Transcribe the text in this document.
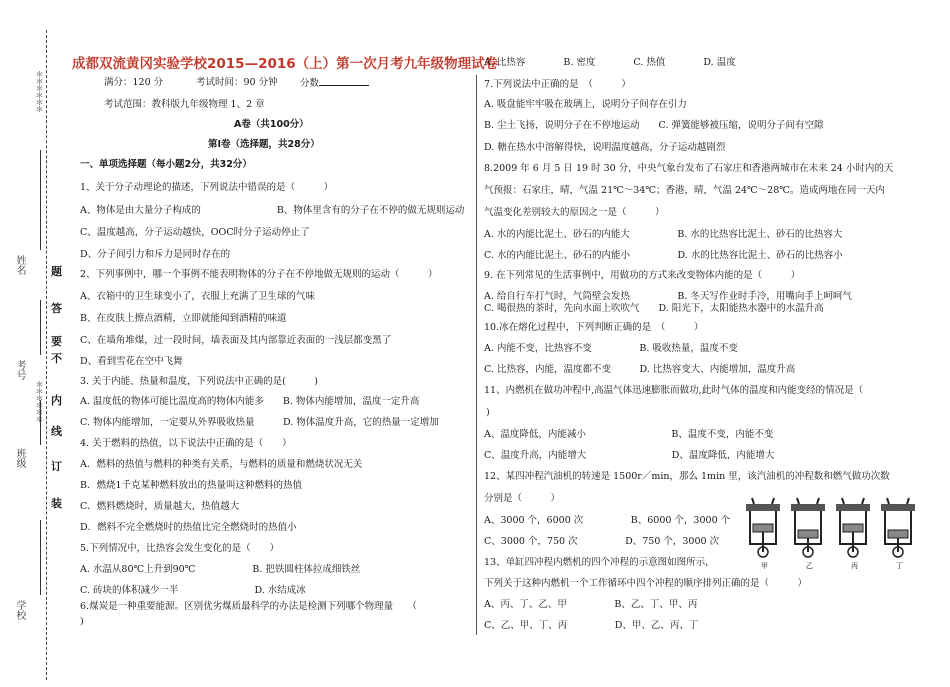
＊＊＊＊＊＊
＊＊＊＊＊＊
姓名
考号
班级
学校
题
答
要
不
内
线
订
装
成都双流黄冈实验学校2015—2016（上）第一次月考九年级物理试卷
满分：120 分	考试时间：90 分钟 分数
考试范围：教科版九年级物理 1、2 章
A卷（共100分）
第Ⅰ卷（选择题，共28分）
一、单项选择题（每小题2分，共32分）
1、关于分子动理论的描述，下列说法中错误的是（　　　）
A、物体是由大量分子构成的　　　　　　　　B、物体里含有的分子在不停的做无规则运动
C、温度越高，分子运动越快，OOC时分子运动停止了
D、分子间引力和斥力是同时存在的
2、下列事例中，哪一个事例不能表明物体的分子在不停地做无规则的运动（　　　）
A、衣箱中的卫生球变小了，衣服上充满了卫生球的气味
B、在皮肤上擦点酒精，立即就能闻到酒精的味道
C、在墙角堆煤，过一段时间，墙表面及其内部靠近表面的一浅层都变黑了
D、看到雪花在空中飞舞
3. 关于内能、热量和温度，下列说法中正确的是(　　　)
A. 温度低的物体可能比温度高的物体内能多　　B. 物体内能增加，温度一定升高
C. 物体内能增加，一定要从外界吸收热量　　　D. 物体温度升高，它的热量一定增加
4. 关于燃料的热值，以下说法中正确的是（　　）
A．燃料的热值与燃料的种类有关系，与燃料的质量和燃烧状况无关
B．燃烧1千克某种燃料放出的热量叫这种燃料的热值
C．燃料燃烧时，质量越大，热值越大
D．燃料不完全燃烧时的热值比完全燃烧时的热值小
5.下列情况中，比热容会发生变化的是（　　）
A. 水温从80℃上升到90℃　　　　　　B. 把铁圆柱体拉成细铁丝
C. 砖块的体积减少一半　　　　　　　　D. 水结成冰
6.煤炭是一种重要能源。区别优劣煤质最科学的办法是检测下列哪个物理量　　（
)
A. 比热容　　　　B. 密度　　　　C. 热值　　　　D. 温度
7.下列说法中正确的是　（　　　）
A. 吸盘能牢牢吸在玻璃上，说明分子间存在引力
B. 尘土飞扬，说明分子在不停地运动　　C. 弹簧能够被压缩，说明分子间有空隙
D. 糖在热水中溶解得快，说明温度越高，分子运动越剧烈
8.2009 年 6 月 5 日 19 时 30 分，中央气象台发布了石家庄和香港两城市在未来 24 小时内的天
气预报：石家庄，晴，气温 21℃～34℃；香港，晴，气温 24℃～28℃。造成两地在同一天内
气温变化差别较大的原因之一是（　　　）
A. 水的内能比泥土、砂石的内能大　　　　　B. 水的比热容比泥土、砂石的比热容大
C. 水的内能比泥土、砂石的内能小　　　　　D. 水的比热容比泥土、砂石的比热容小
9. 在下列常见的生活事例中，用做功的方式来改变物体内能的是（　　　）
A. 给自行车打气时，气筒壁会发热　　　　　B. 冬天写作业时手冷，用嘴向手上呵呵气
C. 喝很热的茶时，先向水面上吹吹气　　D. 阳光下，太阳能热水器中的水温升高
10.冰在熔化过程中，下列判断正确的是　（　　　）
A. 内能不变，比热容不变　　　　　B. 吸收热量，温度不变
C. 比热容，内能，温度都不变　　　D. 比热容变大、内能增加，温度升高
11、内燃机在做功冲程中,高温气体迅速膨胀而做功,此时气体的温度和内能变经的情况是（
)
A、温度降低，内能减小　　　　　　　　　B、温度不变，内能不变
C、温度升高，内能增大　　　　　　　　　D、温度降低，内能增大
12、某四冲程汽油机的转速是 1500r／min，那么 1min 里，该汽油机的冲程数和燃气做功次数
分别是（　　　）
A、3000 个，6000 次　　　　　B、6000 个，3000 个
C、3000 个，750 次　　　　　D、750 个，3000 次
13、单缸四冲程内燃机的四个冲程的示意图如图所示，
下列关于这种内燃机一个工作循环中四个冲程的顺序排列正确的是（　　　）
A、丙、丁、乙、甲　　　　　B、乙、丁、甲、丙
C、乙、甲、丁、丙　　　　　D、甲、乙、丙、丁
甲	乙	丙	丁
